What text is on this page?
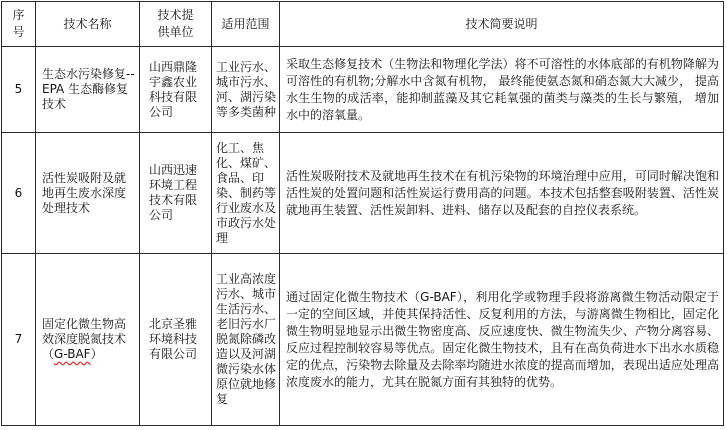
序号	技术名称	技术提供单位	适用范围	技术简要说明
5	生态水污染修复--EPA 生态酶修复技术	山西鼎隆宇鑫农业科技有限公司	工业污水、城市污水、河、湖污染等多类菌种	采取生态修复技术（生物法和物理化学法）将不可溶性的水体底部的有机物降解为可溶性的有机物;分解水中含氮有机物， 最终能使氨态氮和硝态氮大大减少， 提高水生生物的成活率，能抑制蓝藻及其它耗氧强的菌类与藻类的生长与繁殖， 增加水中的溶氧量。
6	活性炭吸附及就地再生废水深度处理技术	山西迅速环境工程技术有限公司	化工、焦化、煤矿、食品、印染、制药等行业废水及市政污水处理	活性炭吸附技术及就地再生技术在有机污染物的环境治理中应用，可同时解决饱和活性炭的处置问题和活性炭运行费用高的问题。本技术包括整套吸附装置、活性炭就地再生装置、活性炭卸料、进料、储存以及配套的自控仪表系统。
7	固定化微生物高效深度脱氮技术（G-BAF）	北京圣雅环境科技有限公司	工业高浓度污水、城市生活污水、老旧污水厂脱氮除磷改造以及河湖微污染水体原位就地修复	通过固定化微生物技术（G-BAF），利用化学或物理手段将游离微生物活动限定于一定的空间区域，并使其保持活性、反复利用的方法，与游离微生物相比，固定化微生物明显地显示出微生物密度高、反应速度快、微生物流失少、产物分离容易、反应过程控制较容易等优点。固定化微生物技术，且有在高负荷进水下出水水质稳定的优点，污染物去除量及去除率均随进水浓度的提高而增加，表现出适应处理高浓度废水的能力，尤其在脱氮方面有其独特的优势。
